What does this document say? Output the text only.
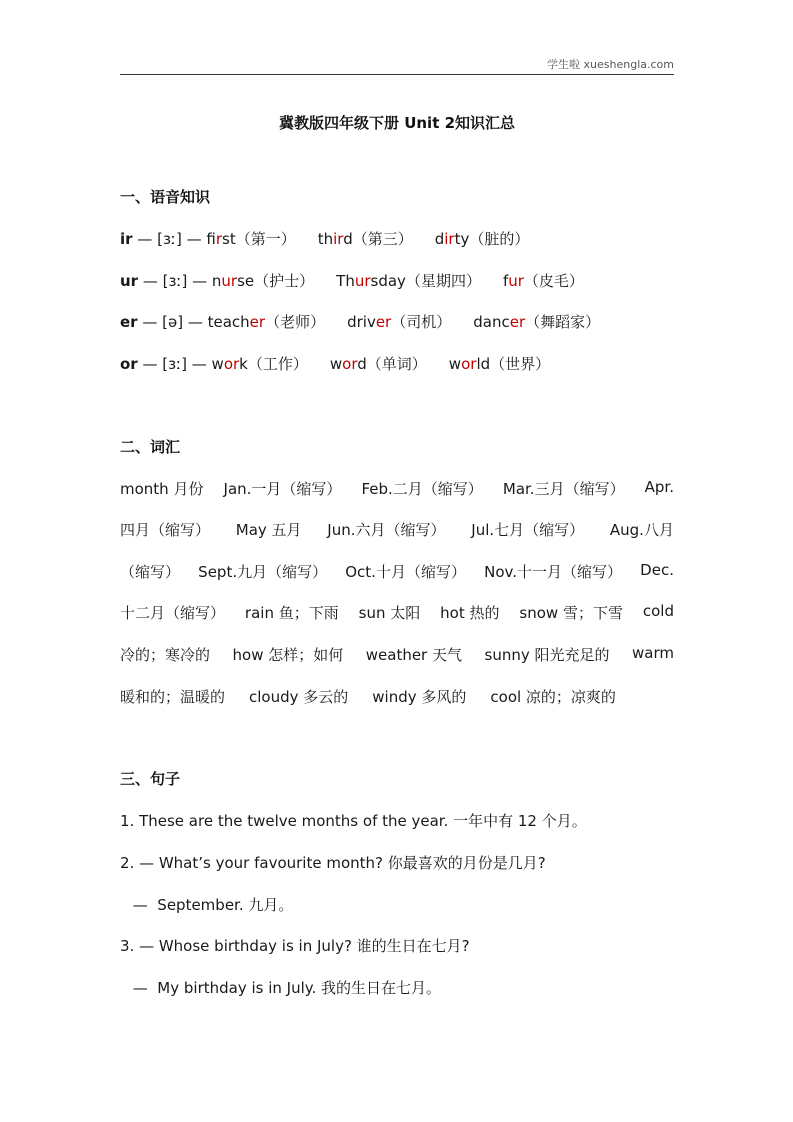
学生啦 xueshengla.com
冀教版四年级下册 Unit 2知识汇总
一、语音知识
ir — [ɜː] — first（第一） third（第三） dirty（脏的）
ur — [ɜː] — nurse（护士） Thursday（星期四） fur（皮毛）
er — [ə] — teacher（老师） driver（司机） dancer（舞蹈家）
or — [ɜː] — work（工作） word（单词） world（世界）
二、词汇
month 月份 Jan.一月（缩写） Feb.二月（缩写） Mar.三月（缩写） Apr.
四月（缩写） May 五月 Jun.六月（缩写） Jul.七月（缩写） Aug.八月
（缩写） Sept.九月（缩写） Oct.十月（缩写） Nov.十一月（缩写） Dec.
十二月（缩写） rain 鱼；下雨 sun 太阳 hot 热的 snow 雪；下雪 cold
冷的；寒冷的 how 怎样；如何 weather 天气 sunny 阳光充足的 warm
暖和的；温暖的 cloudy 多云的 windy 多风的 cool 凉的；凉爽的
三、句子
1. These are the twelve months of the year. 一年中有 12 个月。
2. — What’s your favourite month? 你最喜欢的月份是几月?
—  September. 九月。
3. — Whose birthday is in July? 谁的生日在七月?
—  My birthday is in July. 我的生日在七月。
